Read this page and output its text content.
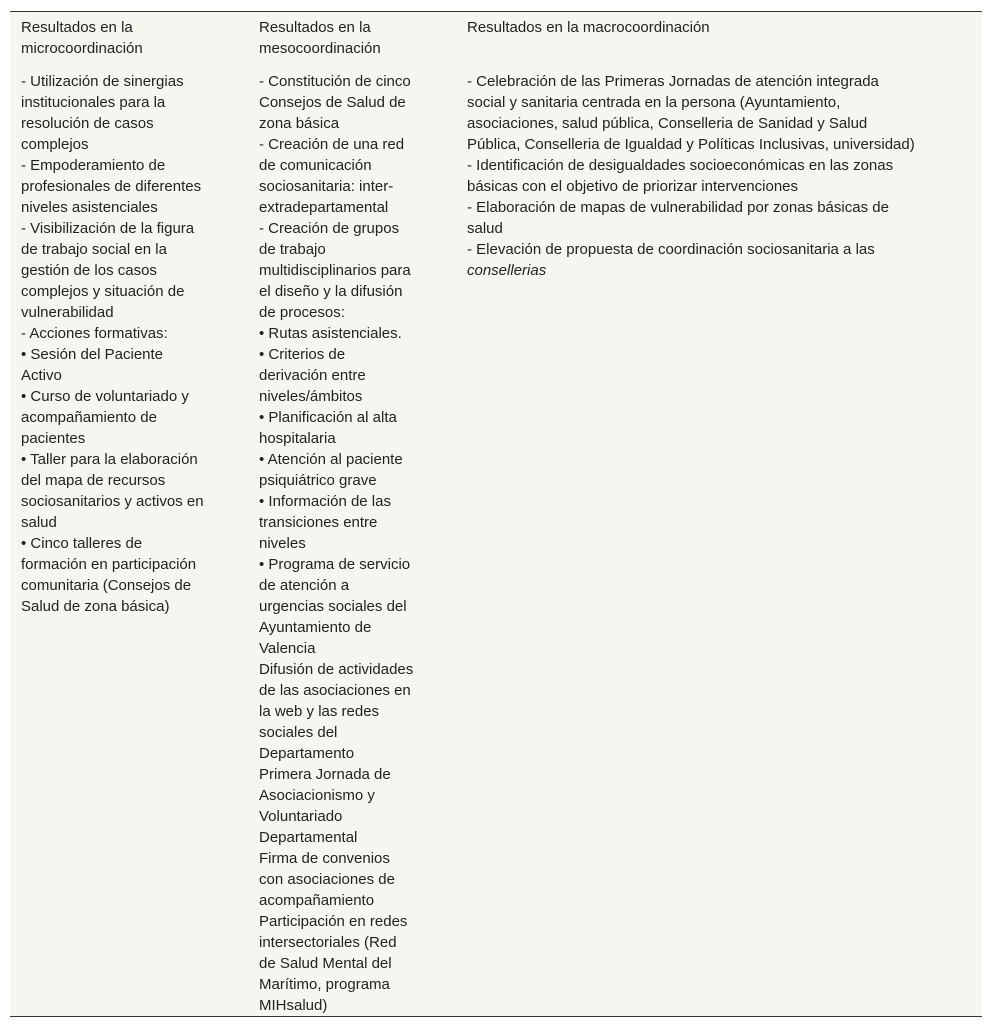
Resultados en la
microcoordinación
- Utilización de sinergias
institucionales para la
resolución de casos
complejos
- Empoderamiento de
profesionales de diferentes
niveles asistenciales
- Visibilización de la figura
de trabajo social en la
gestión de los casos
complejos y situación de
vulnerabilidad
- Acciones formativas:
• Sesión del Paciente
Activo
• Curso de voluntariado y
acompañamiento de
pacientes
• Taller para la elaboración
del mapa de recursos
sociosanitarios y activos en
salud
• Cinco talleres de
formación en participación
comunitaria (Consejos de
Salud de zona básica)
Resultados en la
mesocoordinación
- Constitución de cinco
Consejos de Salud de
zona básica
- Creación de una red
de comunicación
sociosanitaria: inter-
extradepartamental
- Creación de grupos
de trabajo
multidisciplinarios para
el diseño y la difusión
de procesos:
• Rutas asistenciales.
• Criterios de
derivación entre
niveles/ámbitos
• Planificación al alta
hospitalaria
• Atención al paciente
psiquiátrico grave
• Información de las
transiciones entre
niveles
• Programa de servicio
de atención a
urgencias sociales del
Ayuntamiento de
Valencia
Difusión de actividades
de las asociaciones en
la web y las redes
sociales del
Departamento
Primera Jornada de
Asociacionismo y
Voluntariado
Departamental
Firma de convenios
con asociaciones de
acompañamiento
Participación en redes
intersectoriales (Red
de Salud Mental del
Marítimo, programa
MIHsalud)
Resultados en la macrocoordinación
- Celebración de las Primeras Jornadas de atención integrada
social y sanitaria centrada en la persona (Ayuntamiento,
asociaciones, salud pública, Conselleria de Sanidad y Salud
Pública, Conselleria de Igualdad y Políticas Inclusivas, universidad)
- Identificación de desigualdades socioeconómicas en las zonas
básicas con el objetivo de priorizar intervenciones
- Elaboración de mapas de vulnerabilidad por zonas básicas de
salud
- Elevación de propuesta de coordinación sociosanitaria a las
consellerias
